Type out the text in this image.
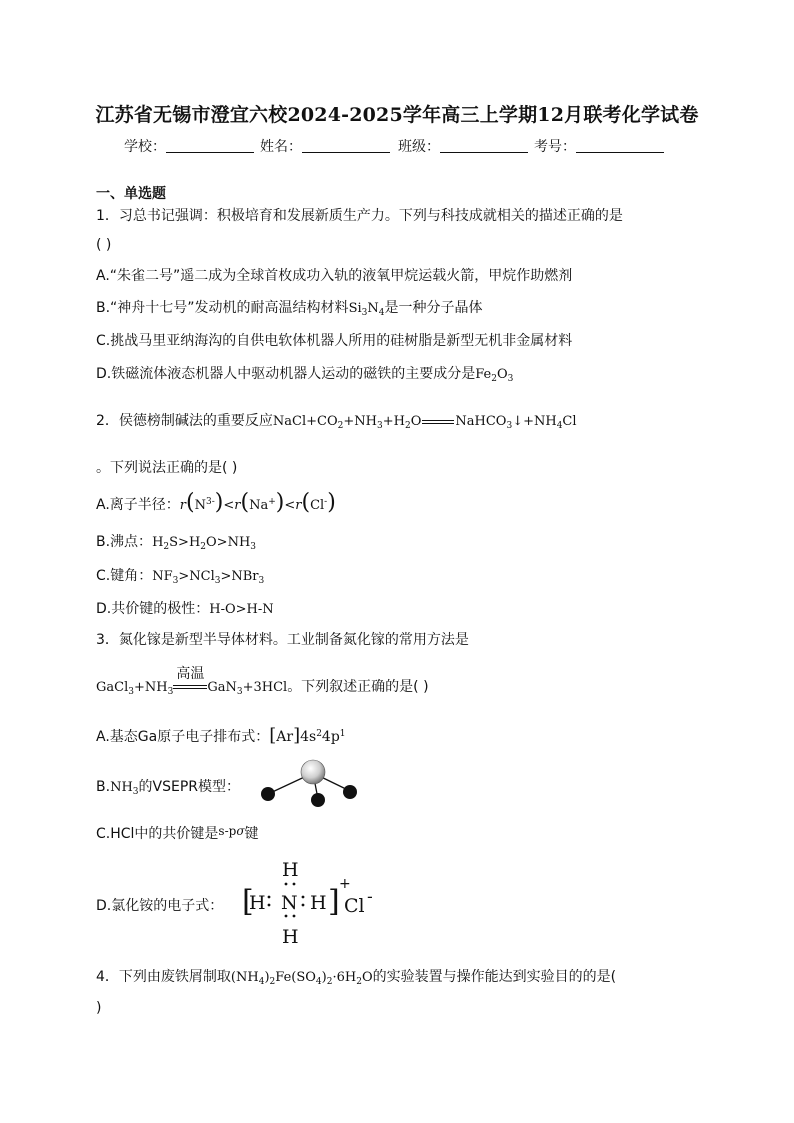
江苏省无锡市澄宜六校2024-2025学年高三上学期12月联考化学试卷
学校：	姓名：	班级：	考号：
一、单选题
1．习总书记强调：积极培育和发展新质生产力。下列与科技成就相关的描述正确的是
( )
A.“朱雀二号”遥二成为全球首枚成功入轨的液氧甲烷运载火箭，甲烷作助燃剂
B.“神舟十七号”发动机的耐高温结构材料$Si_3N_4$是一种分子晶体
C.挑战马里亚纳海沟的自供电软体机器人所用的硅树脂是新型无机非金属材料
D.铁磁流体液态机器人中驱动机器人运动的磁铁的主要成分是$Fe_2O_3$
2．侯德榜制碱法的重要反应$NaCl+CO_2+NH_3+H_2O$	$NaHCO_3↓+NH_4Cl$
。下列说法正确的是( )
A.离子半径：$r(N^{3-})<r(Na^+)<r(Cl^-)$
B.沸点：$H_2S>H_2O>NH_3$
C.键角：$NF_3>NCl_3>NBr_3$
D.共价键的极性：H-O>H-N
3．氮化镓是新型半导体材料。工业制备氮化镓的常用方法是
$GaCl_3+NH_3$
高温
GaN$_3$+3HCl。下列叙述正确的是( )
A.基态Ga原子电子排布式：$[Ar]4s^24p^1$
$B.NH_3$的VSEPR模型：
C.HCl中的共价键是s-pσ键
D.氯化铵的电子式： [
H N H ]
H
H
+
Cl -
4．下列由废铁屑制取$(NH_4)_2Fe(SO_4)_2\cdot 6H_2O$的实验装置与操作能达到实验目的的是(
)
